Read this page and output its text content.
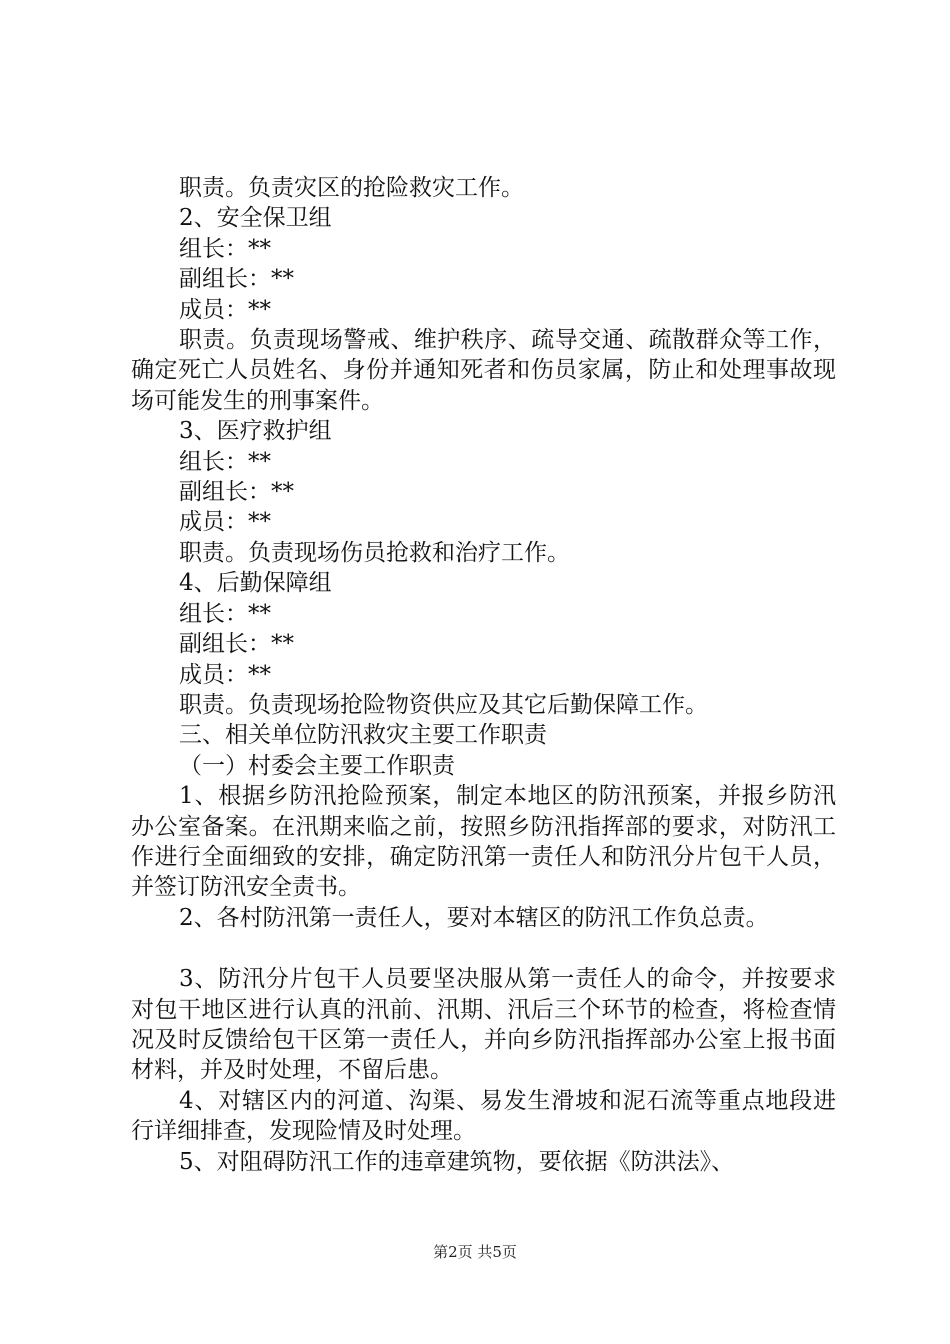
职责。负责灾区的抢险救灾工作。

2、安全保卫组

组长：**

副组长：**

成员：**

职责。负责现场警戒、维护秩序、疏导交通、疏散群众等工作，确定死亡人员姓名、身份并通知死者和伤员家属，防止和处理事故现场可能发生的刑事案件。

3、医疗救护组

组长：**

副组长：**

成员：**

职责。负责现场伤员抢救和治疗工作。

4、后勤保障组

组长：**

副组长：**

成员：**

职责。负责现场抢险物资供应及其它后勤保障工作。

三、相关单位防汛救灾主要工作职责

（一）村委会主要工作职责

1、根据乡防汛抢险预案，制定本地区的防汛预案，并报乡防汛办公室备案。在汛期来临之前，按照乡防汛指挥部的要求，对防汛工作进行全面细致的安排，确定防汛第一责任人和防汛分片包干人员，并签订防汛安全责书。

2、各村防汛第一责任人，要对本辖区的防汛工作负总责。

3、防汛分片包干人员要坚决服从第一责任人的命令，并按要求对包干地区进行认真的汛前、汛期、汛后三个环节的检查，将检查情况及时反馈给包干区第一责任人，并向乡防汛指挥部办公室上报书面材料，并及时处理，不留后患。

4、对辖区内的河道、沟渠、易发生滑坡和泥石流等重点地段进行详细排查，发现险情及时处理。

5、对阻碍防汛工作的违章建筑物，要依据《防洪法》、

第2页 共5页
